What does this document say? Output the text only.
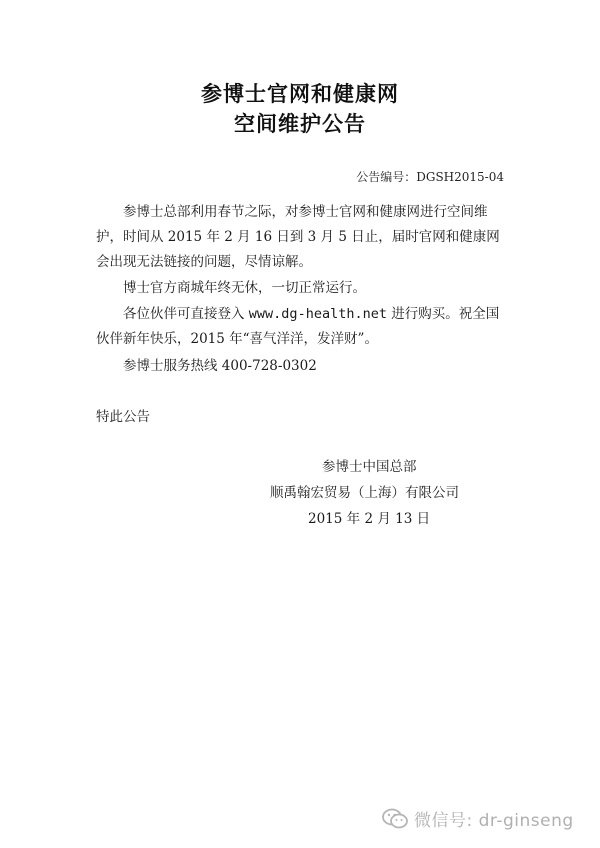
参博士官网和健康网
空间维护公告
公告编号：DGSH2015-04

参博士总部利用春节之际，对参博士官网和健康网进行空间维护，时间从 2015 年 2 月 16 日到 3 月 5 日止，届时官网和健康网会出现无法链接的问题，尽情谅解。

博士官方商城年终无休，一切正常运行。

各位伙伴可直接登入 www.dg-health.net 进行购买。祝全国伙伴新年快乐，2015 年“喜气洋洋，发洋财”。

参博士服务热线 400-728-0302

特此公告
参博士中国总部
顺禹翰宏贸易（上海）有限公司
2015 年 2 月 13 日
微信号: dr-ginseng
